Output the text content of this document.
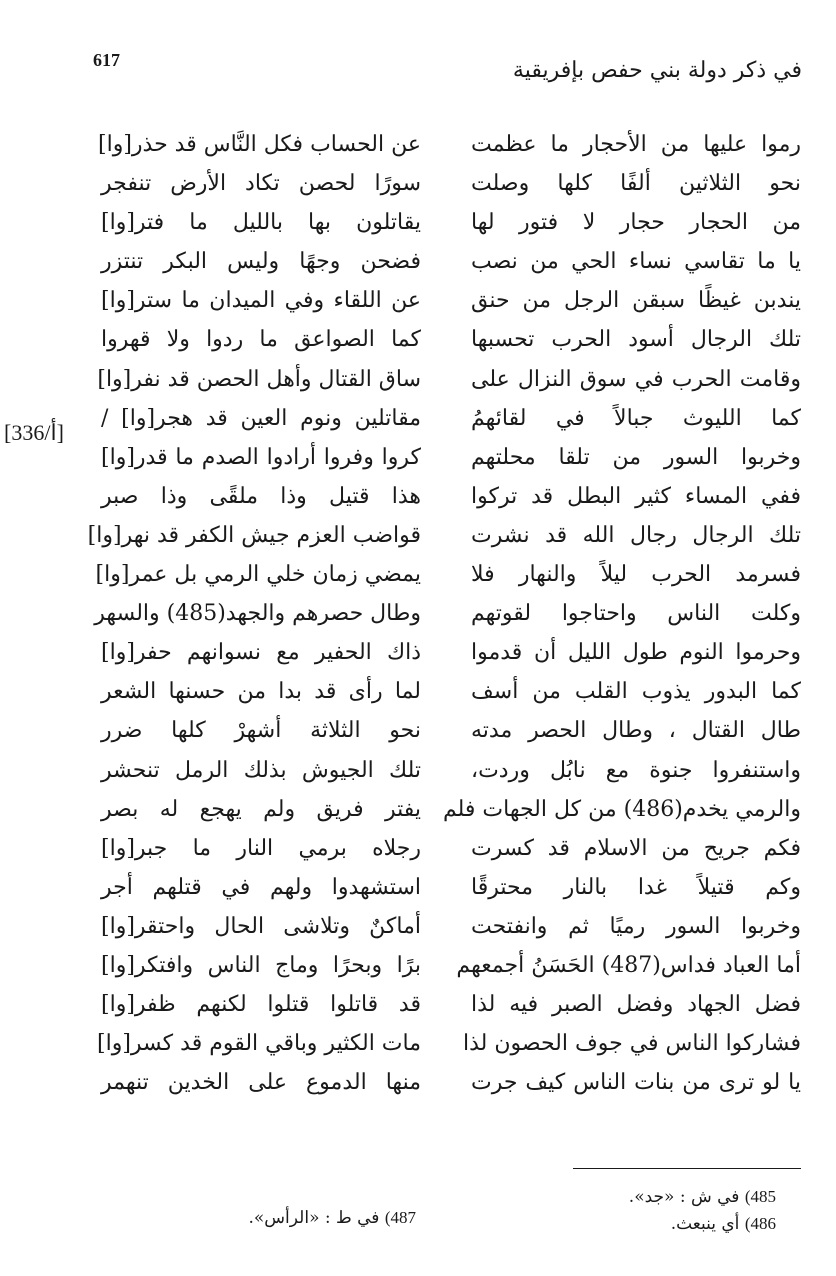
617	في ذكر دولة بني حفص بإفريقية
[336/أ]
رموا عليها من الأحجار ما عظمت
نحو الثلاثين ألفًا كلها وصلت
من الحجار حجار لا فتور لها
يا ما تقاسي نساء الحي من نصب
يندبن غيظًا سبقن الرجل من حنق
تلك الرجال أسود الحرب تحسبها
وقامت الحرب في سوق النزال على
كما الليوث جبالاً في لقائهمُ
وخربوا السور من تلقا محلتهم
ففي المساء كثير البطل قد تركوا
تلك الرجال رجال الله قد نشرت
فسرمد الحرب ليلاً والنهار فلا
وكلت الناس واحتاجوا لقوتهم
وحرموا النوم طول الليل أن قدموا
كما البدور يذوب القلب من أسف
طال القتال ، وطال الحصر مدته
واستنفروا جنوة مع نابُل وردت،
والرمي يخدم(486) من كل الجهات فلم
فكم جريح من الاسلام قد كسرت
وكم قتيلاً غدا بالنار محترقًا
وخربوا السور رميًا ثم وانفتحت
أما العباد فداس(487) الحَسَنُ أجمعهم
فضل الجهاد وفضل الصبر فيه لذا
فشاركوا الناس في جوف الحصون لذا
يا لو ترى من بنات الناس كيف جرت
عن الحساب فكل النَّاس قد حذر[وا]
سورًا لحصن تكاد الأرض تنفجر
يقاتلون بها بالليل ما فتر[وا]
فضحن وجهًا وليس البكر تنتزر
عن اللقاء وفي الميدان ما ستر[وا]
كما الصواعق ما ردوا ولا قهروا
ساق القتال وأهل الحصن قد نفر[وا]
مقاتلين ونوم العين قد هجر[وا] /
كروا وفروا أرادوا الصدم ما قدر[وا]
هذا قتيل وذا ملقًى وذا صبر
قواضب العزم جيش الكفر قد نهر[وا]
يمضي زمان خلي الرمي بل عمر[وا]
وطال حصرهم والجهد(485) والسهر
ذاك الحفير مع نسوانهم حفر[وا]
لما رأى قد بدا من حسنها الشعر
نحو الثلاثة أشهرْ كلها ضرر
تلك الجيوش بذلك الرمل تنحشر
يفتر فريق ولم يهجع له بصر
رجلاه برمي النار ما جبر[وا]
استشهدوا ولهم في قتلهم أجر
أماكنٌ وتلاشى الحال واحتقر[وا]
برًا وبحرًا وماج الناس وافتكر[وا]
قد قاتلوا قتلوا لكنهم ظفر[وا]
مات الكثير وباقي القوم قد كسر[وا]
منها الدموع على الخدين تنهمر
485) في ش : «جد».
486) أي ينبعث.
487) في ط : «الرأس».
